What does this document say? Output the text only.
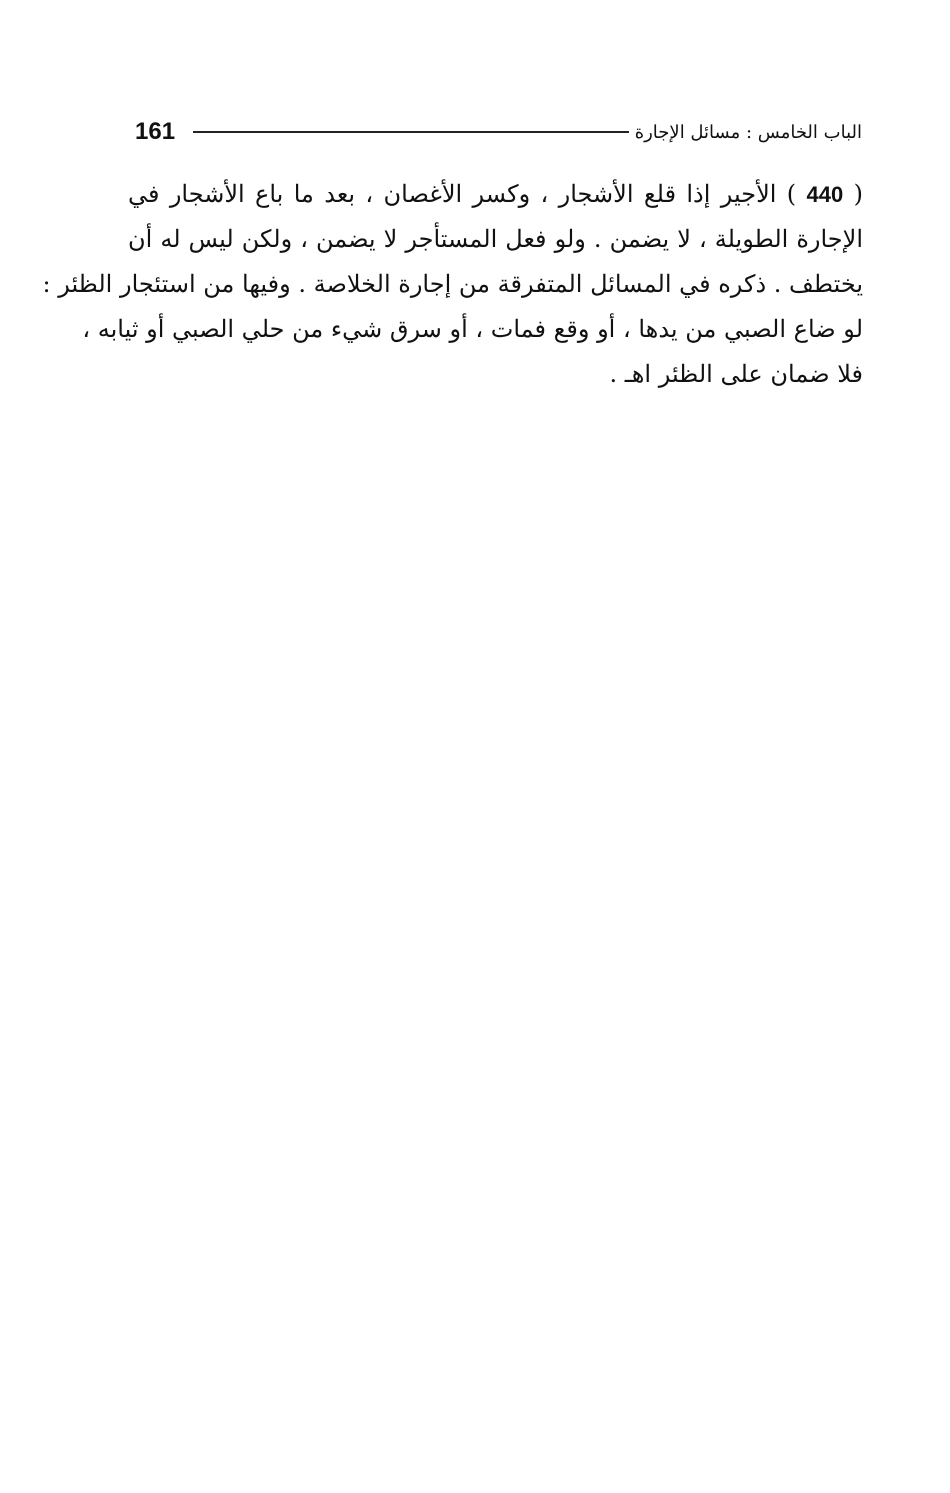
161	الباب الخامس : مسائل الإجارة
( 440 ) الأجير إذا قلع الأشجار ، وكسر الأغصان ، بعد ما باع الأشجار في
الإجارة الطويلة ، لا يضمن . ولو فعل المستأجر لا يضمن ، ولكن ليس له أن
يختطف . ذكره في المسائل المتفرقة من إجارة الخلاصة . وفيها من استئجار الظئر :
لو ضاع الصبي من يدها ، أو وقع فمات ، أو سرق شيء من حلي الصبي أو ثيابه ،
فلا ضمان على الظئر اهـ .
